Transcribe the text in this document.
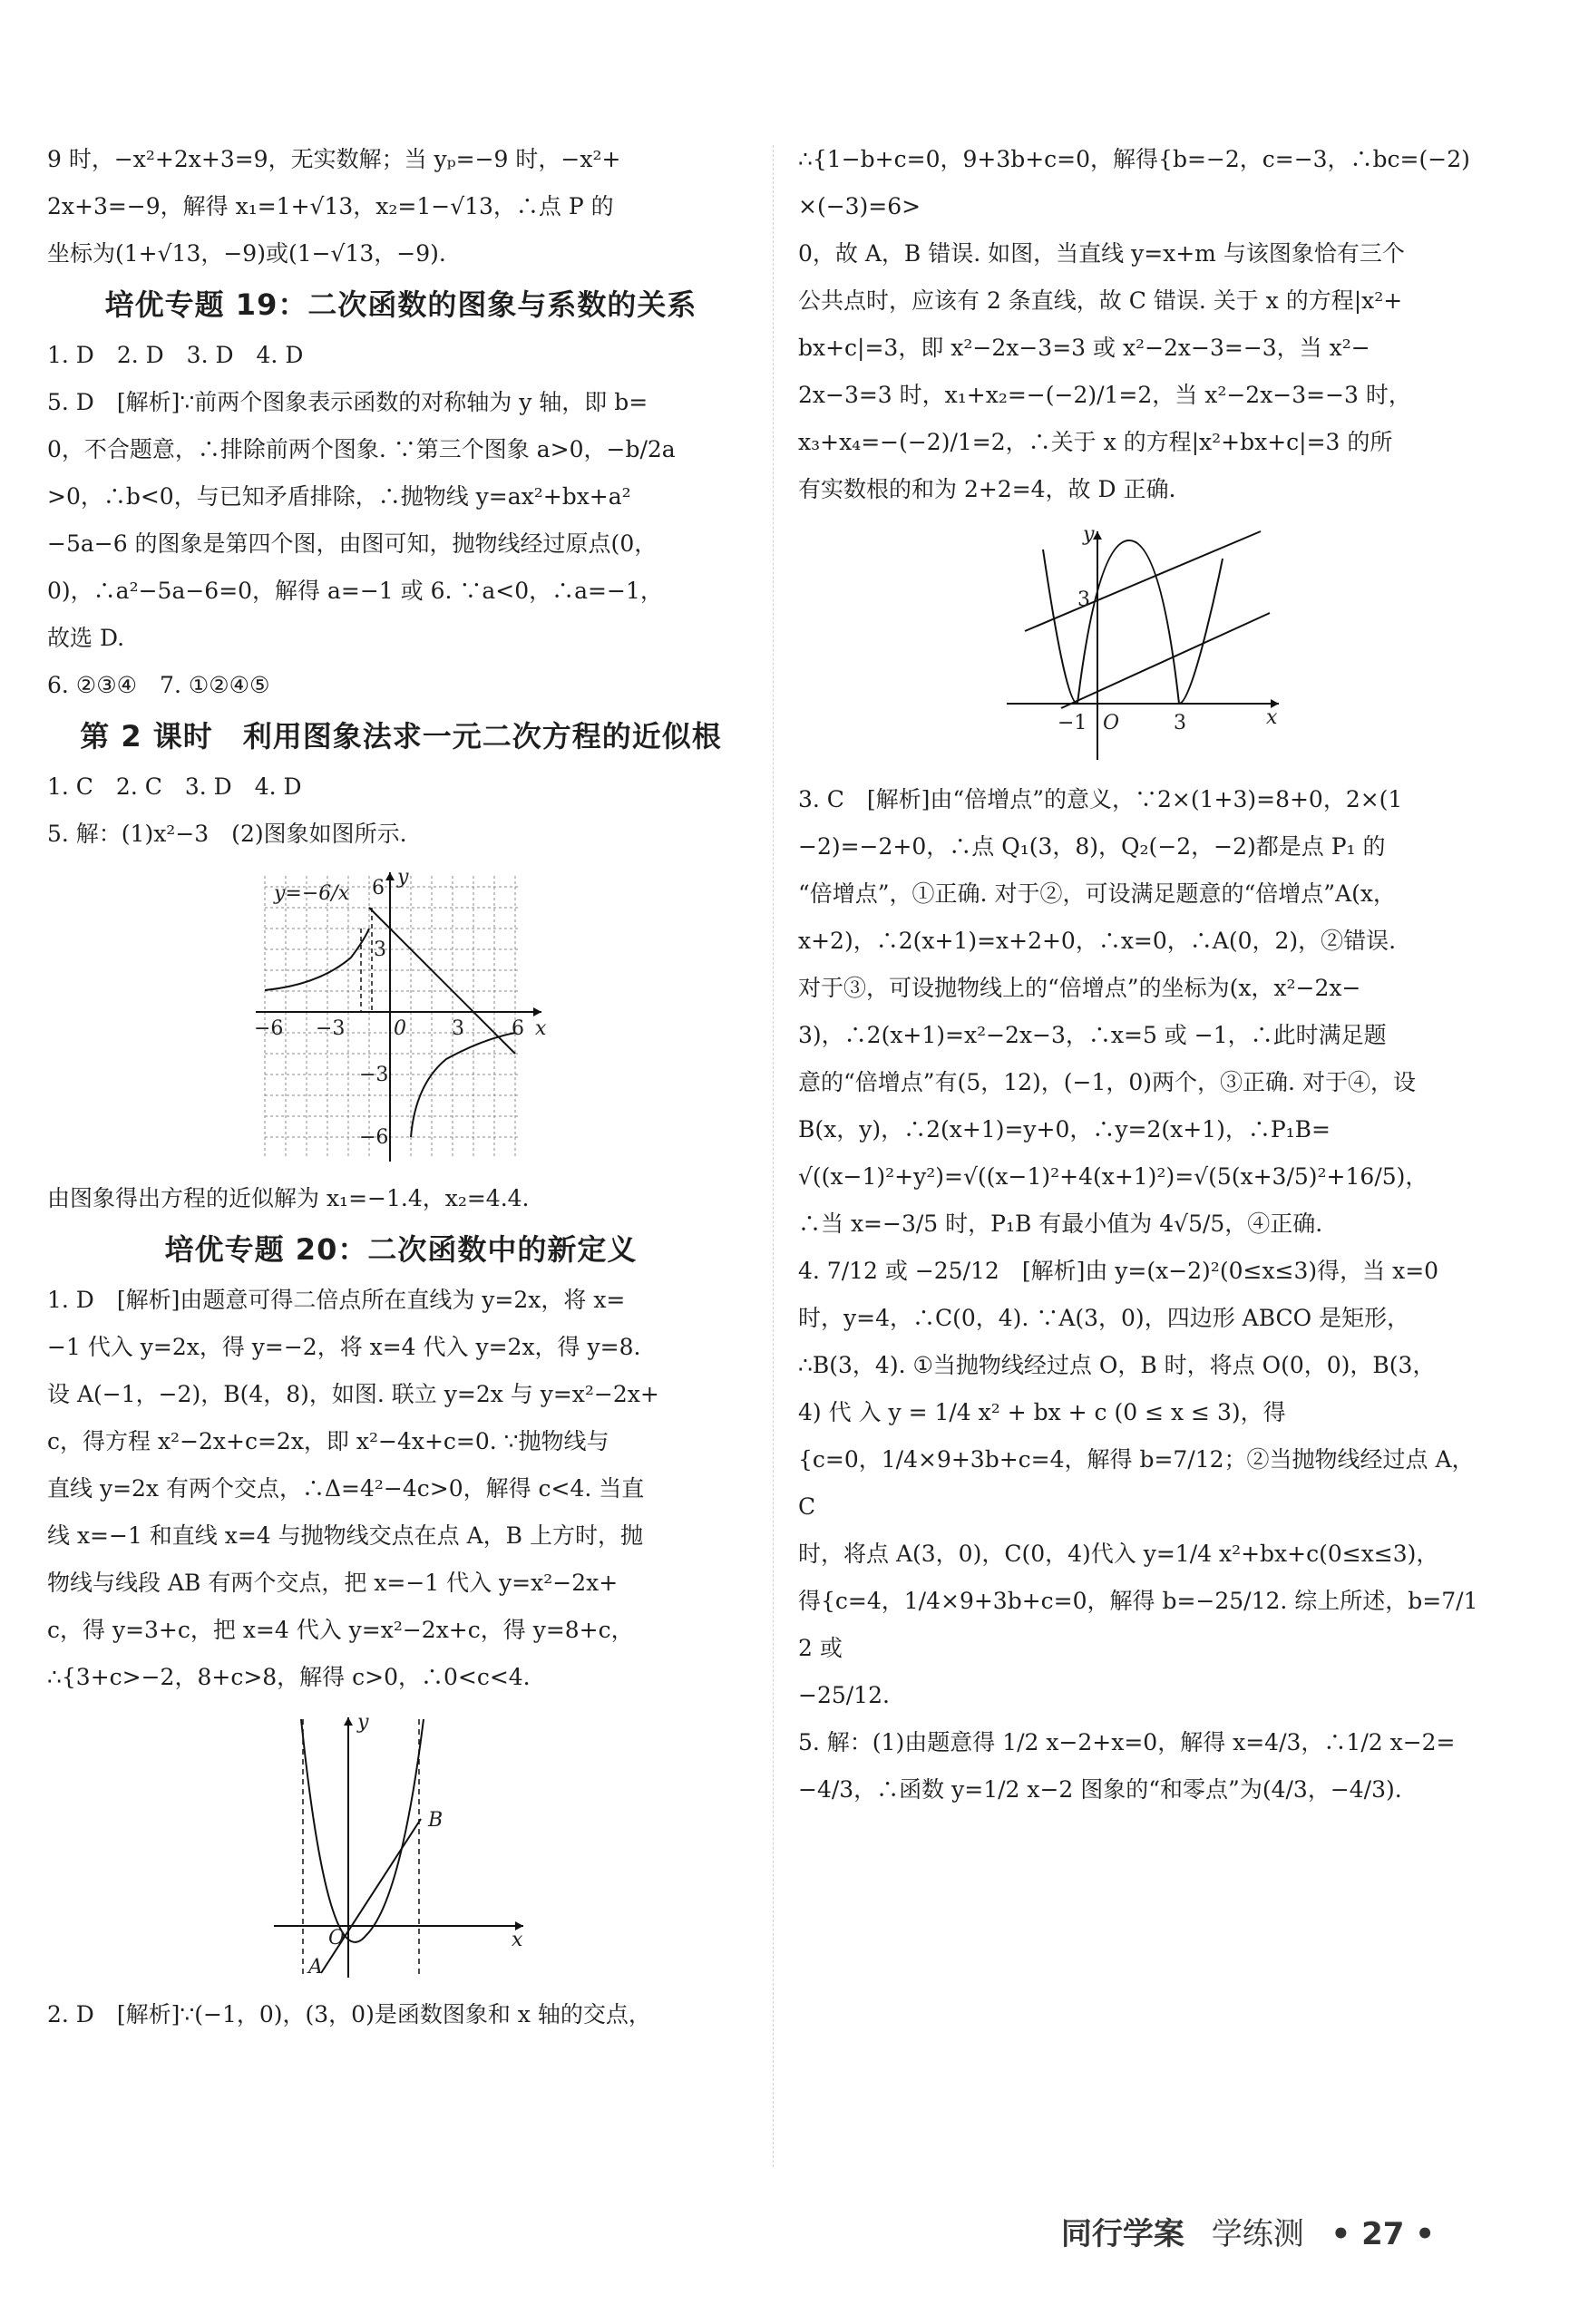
9 时，−x²+2x+3=9，无实数解；当 yₚ=−9 时，−x²+

2x+3=−9，解得 x₁=1+√13，x₂=1−√13，∴点 P 的

坐标为(1+√13，−9)或(1−√13，−9).

培优专题 19：二次函数的图象与系数的关系

1. D　2. D　3. D　4. D

5. D　[解析]∵前两个图象表示函数的对称轴为 y 轴，即 b=

0，不合题意，∴排除前两个图象. ∵第三个图象 a>0，−b/2a

>0，∴b<0，与已知矛盾排除，∴抛物线 y=ax²+bx+a²

−5a−6 的图象是第四个图，由图可知，抛物线经过原点(0，

0)，∴a²−5a−6=0，解得 a=−1 或 6. ∵a<0，∴a=−1，

故选 D.

6. ②③④　7. ①②④⑤

第 2 课时　利用图象法求一元二次方程的近似根

1. C　2. C　3. D　4. D

5. 解：(1)x²−3　(2)图象如图所示.

y=−6/x
−6 −3 0 3 6
6
3
−3
−6
x
y

由图象得出方程的近似解为 x₁=−1.4，x₂=4.4.

培优专题 20：二次函数中的新定义

1. D　[解析]由题意可得二倍点所在直线为 y=2x，将 x=

−1 代入 y=2x，得 y=−2，将 x=4 代入 y=2x，得 y=8.

设 A(−1，−2)，B(4，8)，如图. 联立 y=2x 与 y=x²−2x+

c，得方程 x²−2x+c=2x，即 x²−4x+c=0. ∵抛物线与

直线 y=2x 有两个交点，∴Δ=4²−4c>0，解得 c<4. 当直

线 x=−1 和直线 x=4 与抛物线交点在点 A，B 上方时，抛

物线与线段 AB 有两个交点，把 x=−1 代入 y=x²−2x+

c，得 y=3+c，把 x=4 代入 y=x²−2x+c，得 y=8+c，

∴{3+c>−2，8+c>8，解得 c>0，∴0<c<4.

O
A
B
x
y

2. D　[解析]∵(−1，0)，(3，0)是函数图象和 x 轴的交点，

∴{1−b+c=0，9+3b+c=0，解得{b=−2，c=−3，∴bc=(−2)×(−3)=6>

0，故 A，B 错误. 如图，当直线 y=x+m 与该图象恰有三个

公共点时，应该有 2 条直线，故 C 错误. 关于 x 的方程|x²+

bx+c|=3，即 x²−2x−3=3 或 x²−2x−3=−3，当 x²−

2x−3=3 时，x₁+x₂=−(−2)/1=2，当 x²−2x−3=−3 时，

x₃+x₄=−(−2)/1=2，∴关于 x 的方程|x²+bx+c|=3 的所

有实数根的和为 2+2=4，故 D 正确.

3
−1 O	3	x
y

3. C　[解析]由“倍增点”的意义，∵2×(1+3)=8+0，2×(1

−2)=−2+0，∴点 Q₁(3，8)，Q₂(−2，−2)都是点 P₁ 的

“倍增点”，①正确. 对于②，可设满足题意的“倍增点”A(x，

x+2)，∴2(x+1)=x+2+0，∴x=0，∴A(0，2)，②错误.

对于③，可设抛物线上的“倍增点”的坐标为(x，x²−2x−

3)，∴2(x+1)=x²−2x−3，∴x=5 或 −1，∴此时满足题

意的“倍增点”有(5，12)，(−1，0)两个，③正确. 对于④，设

B(x，y)，∴2(x+1)=y+0，∴y=2(x+1)，∴P₁B=

√((x−1)²+y²)=√((x−1)²+4(x+1)²)=√(5(x+3/5)²+16/5)，

∴当 x=−3/5 时，P₁B 有最小值为 4√5/5，④正确.

4. 7/12 或 −25/12　[解析]由 y=(x−2)²(0≤x≤3)得，当 x=0

时，y=4，∴C(0，4). ∵A(3，0)，四边形 ABCO 是矩形，

∴B(3，4). ①当抛物线经过点 O，B 时，将点 O(0，0)，B(3，

4) 代 入 y = 1/4 x² + bx + c (0 ≤ x ≤ 3)，得

{c=0，1/4×9+3b+c=4，解得 b=7/12；②当抛物线经过点 A，C

时，将点 A(3，0)，C(0，4)代入 y=1/4 x²+bx+c(0≤x≤3)，

得{c=4，1/4×9+3b+c=0，解得 b=−25/12. 综上所述，b=7/12 或

−25/12.

5. 解：(1)由题意得 1/2 x−2+x=0，解得 x=4/3，∴1/2 x−2=

−4/3，∴函数 y=1/2 x−2 图象的“和零点”为(4/3，−4/3).

同行学案 学练测 • 27 •
